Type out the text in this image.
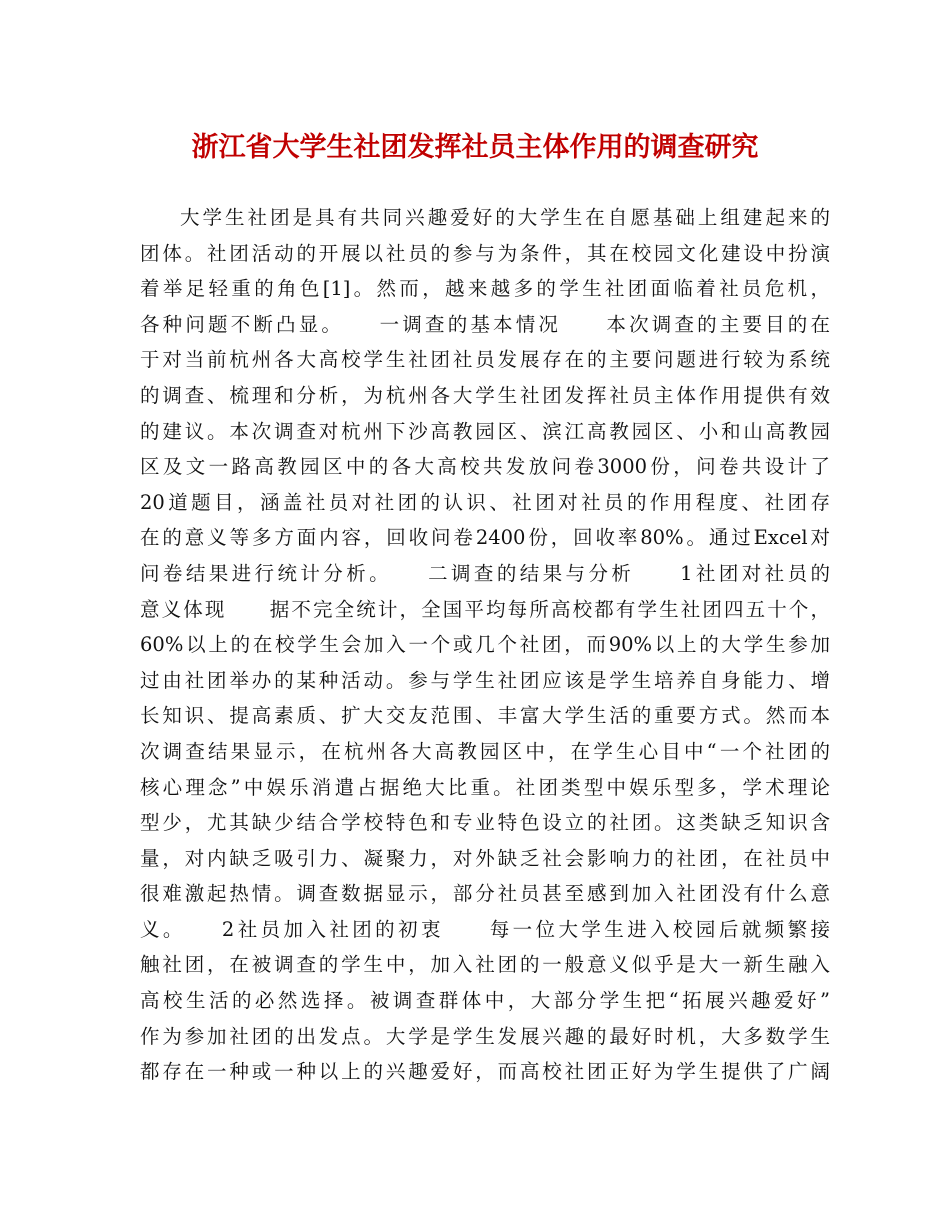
浙江省大学生社团发挥社员主体作用的调查研究
大学生社团是具有共同兴趣爱好的大学生在自愿基础上组建起来的
团体。社团活动的开展以社员的参与为条件，其在校园文化建设中扮演
着举足轻重的角色[1]。然而，越来越多的学生社团面临着社员危机，
各种问题不断凸显。　　一调查的基本情况　　本次调查的主要目的在
于对当前杭州各大高校学生社团社员发展存在的主要问题进行较为系统
的调查、梳理和分析，为杭州各大学生社团发挥社员主体作用提供有效
的建议。本次调查对杭州下沙高教园区、滨江高教园区、小和山高教园
区及文一路高教园区中的各大高校共发放问卷3000份，问卷共设计了
20道题目，涵盖社员对社团的认识、社团对社员的作用程度、社团存
在的意义等多方面内容，回收问卷2400份，回收率80%。通过Excel对
问卷结果进行统计分析。　　二调查的结果与分析　　1社团对社员的
意义体现　　据不完全统计，全国平均每所高校都有学生社团四五十个，
60%以上的在校学生会加入一个或几个社团，而90%以上的大学生参加
过由社团举办的某种活动。参与学生社团应该是学生培养自身能力、增
长知识、提高素质、扩大交友范围、丰富大学生活的重要方式。然而本
次调查结果显示，在杭州各大高教园区中，在学生心目中“一个社团的
核心理念”中娱乐消遣占据绝大比重。社团类型中娱乐型多，学术理论
型少，尤其缺少结合学校特色和专业特色设立的社团。这类缺乏知识含
量，对内缺乏吸引力、凝聚力，对外缺乏社会影响力的社团，在社员中
很难激起热情。调查数据显示，部分社员甚至感到加入社团没有什么意
义。　　2社员加入社团的初衷　　每一位大学生进入校园后就频繁接
触社团，在被调查的学生中，加入社团的一般意义似乎是大一新生融入
高校生活的必然选择。被调查群体中，大部分学生把“拓展兴趣爱好”
作为参加社团的出发点。大学是学生发展兴趣的最好时机，大多数学生
都存在一种或一种以上的兴趣爱好，而高校社团正好为学生提供了广阔
